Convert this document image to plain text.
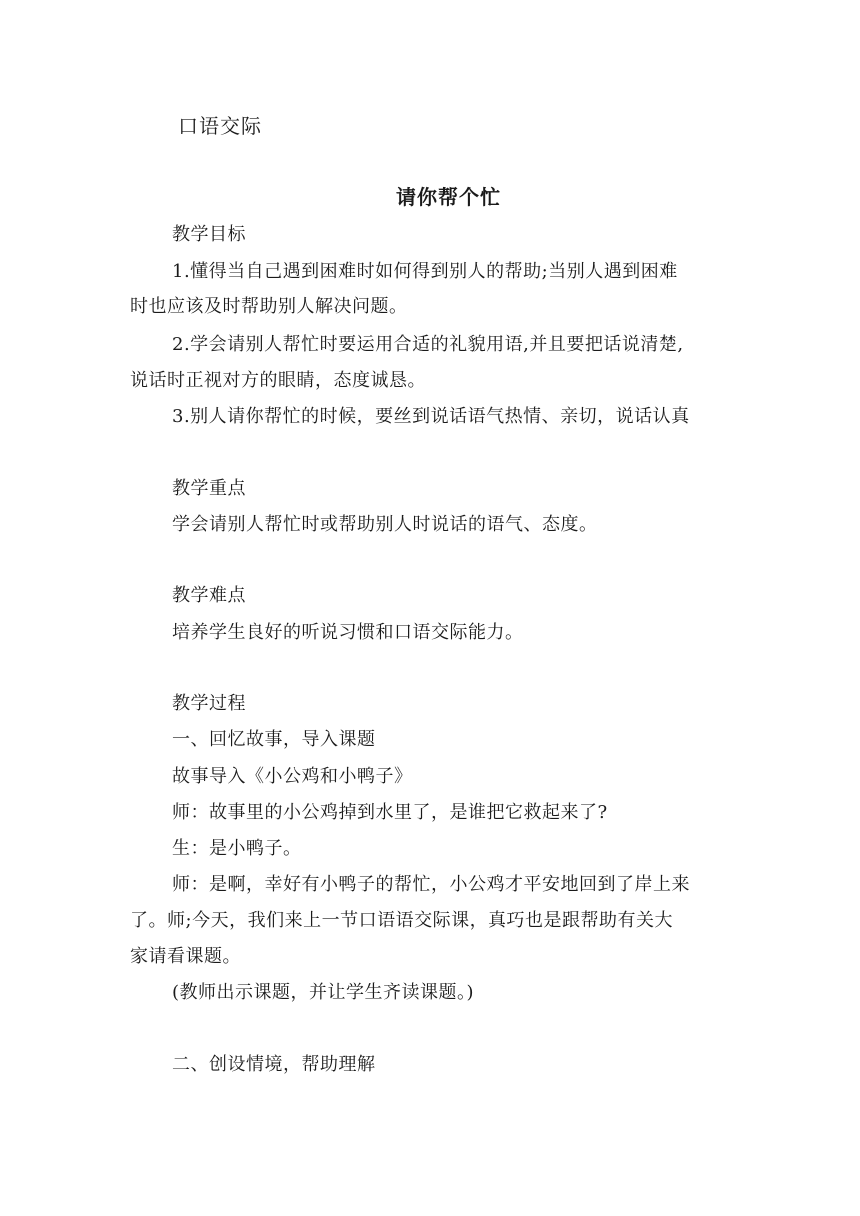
口语交际
请你帮个忙
教学目标
1.懂得当自己遇到困难时如何得到别人的帮助;当别人遇到困难
时也应该及时帮助别人解决问题。
2.学会请别人帮忙时要运用合适的礼貌用语,并且要把话说清楚,
说话时正视对方的眼睛，态度诚恳。
3.别人请你帮忙的时候，要丝到说话语气热情、亲切，说话认真
教学重点
学会请别人帮忙时或帮助别人时说话的语气、态度。
教学难点
培养学生良好的听说习惯和口语交际能力。
教学过程
一、回忆故事，导入课题
故事导入《小公鸡和小鸭子》
师：故事里的小公鸡掉到水里了，是谁把它救起来了?
生：是小鸭子。
师：是啊，幸好有小鸭子的帮忙，小公鸡才平安地回到了岸上来
了。师;今天，我们来上一节口语语交际课，真巧也是跟帮助有关大
家请看课题。
(教师出示课题，并让学生齐读课题。)
二、创设情境，帮助理解
